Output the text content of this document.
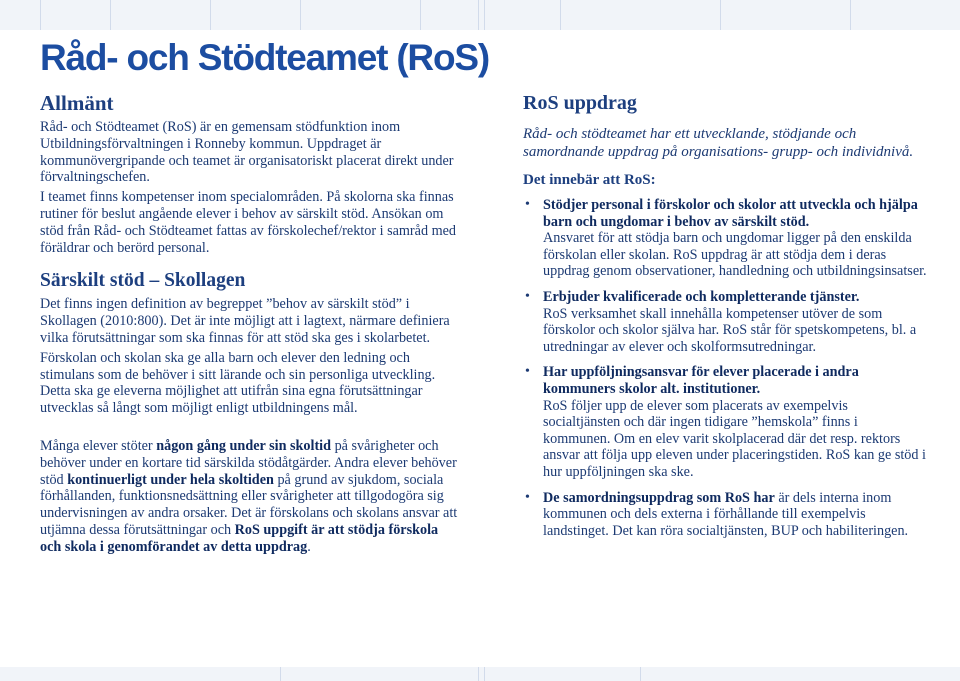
Råd- och Stödteamet (RoS)
Allmänt

Råd- och Stödteamet (RoS) är en gemensam stödfunktion inom Utbildningsförvaltningen i Ronneby kommun. Uppdraget är kommunövergripande och teamet är organisatoriskt placerat direkt under förvaltningschefen.

I teamet finns kompetenser inom specialområden. På skolorna ska finnas rutiner för beslut angående elever i behov av särskilt stöd. Ansökan om stöd från Råd- och Stödteamet fattas av förskolechef/rektor i samråd med föräldrar och berörd personal.

Särskilt stöd – Skollagen

Det finns ingen definition av begreppet ”behov av särskilt stöd” i Skollagen (2010:800). Det är inte möjligt att i lagtext, närmare definiera vilka förutsättningar som ska finnas för att stöd ska ges i skolarbetet.

Förskolan och skolan ska ge alla barn och elever den ledning och stimulans som de behöver i sitt lärande och sin personliga utveckling. Detta ska ge eleverna möjlighet att utifrån sina egna förutsättningar utvecklas så långt som möjligt enligt utbildningens mål.

Många elever stöter någon gång under sin skoltid på svårigheter och behöver under en kortare tid särskilda stödåtgärder. Andra elever behöver stöd kontinuerligt under hela skoltiden på grund av sjukdom, sociala förhållanden, funktionsnedsättning eller svårigheter att tillgodogöra sig undervisningen av andra orsaker. Det är förskolans och skolans ansvar att utjämna dessa förutsättningar och RoS uppgift är att stödja förskola och skola i genomförandet av detta uppdrag.

RoS uppdrag

Råd- och stödteamet har ett utvecklande, stödjande och samordnande uppdrag på organisations- grupp- och individnivå.

Det innebär att RoS:

• Stödjer personal i förskolor och skolor att utveckla och hjälpa barn och ungdomar i behov av särskilt stöd.
Ansvaret för att stödja barn och ungdomar ligger på den enskilda förskolan eller skolan. RoS uppdrag är att stödja dem i deras uppdrag genom observationer, handledning och utbildningsinsatser.
• Erbjuder kvalificerade och kompletterande tjänster.
RoS verksamhet skall innehålla kompetenser utöver de som förskolor och skolor själva har. RoS står för spetskompetens, bl. a utredningar av elever och skolformsutredningar.
• Har uppföljningsansvar för elever placerade i andra kommuners skolor alt. institutioner.
RoS följer upp de elever som placerats av exempelvis socialtjänsten och där ingen tidigare ”hemskola” finns i kommunen. Om en elev varit skolplacerad där det resp. rektors ansvar att följa upp eleven under placeringstiden. RoS kan ge stöd i hur uppföljningen ska ske.
• De samordningsuppdrag som RoS har är dels interna inom kommunen och dels externa i förhållande till exempelvis landstinget. Det kan röra socialtjänsten, BUP och habiliteringen.
